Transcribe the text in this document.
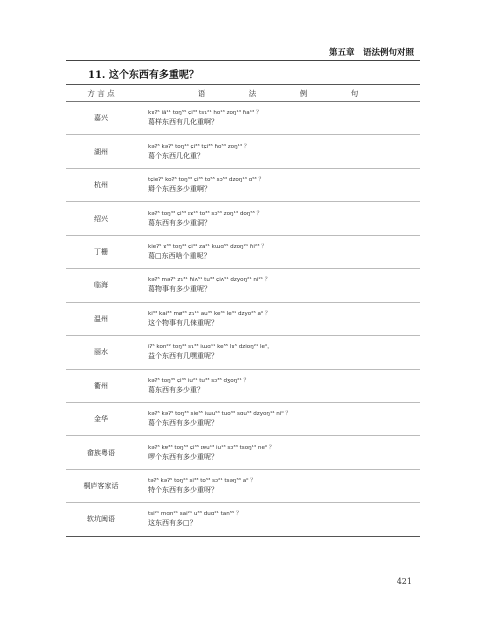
第五章　语法例句对照
11. 这个东西有多重呢？
方 言 点	语　法　例　句
嘉兴	kɤʔ⁵ iã¹¹ toŋ⁵⁵ ɕi³³ tsɿ²¹ ho¹³ zoŋ¹³ ɦa¹³ ？
葛样东西有几化重啊？

湖州	kəʔ⁵ kəʔ⁵ toŋ⁴⁴ ɕi³³ tɕi³⁵ ɦo⁵³ zoŋ¹³ ？
葛个东西几化重？

杭州	tɕieʔ⁵ koʔ⁵ toŋ³³ ɕi³⁵ to⁵⁵ sɔ⁵³ dzoŋ¹³ ɑ⁵³ ？
搿个东西多少重啊？

绍兴	kəʔ⁵ toŋ³³ ɕi⁵³ ɪɤ¹³ to³³ sɔ⁵³ zoŋ¹³ doŋ⁵⁵ ？
葛东西有多少重洞？

丁栅	kieʔ⁵ ɤ³³ toŋ⁴⁴ ɕi⁴⁴ za²¹ kɯɑ⁵⁵ dzoŋ²¹ ɦi²³ ？
葛□东西啥个重呢？

临海	kəʔ⁵ məʔ⁵ zɿ³¹ ɦiʌ⁵¹ tu³³ ɕiʌ⁵¹ dzyoŋ²¹ ni²¹ ？
葛物事有多少重呢？

温州	ki³³ kai³³ mø²³ zɿ¹¹ au³⁵ ke³¹ le³¹ dzyo²⁵ a⁰ ？
这个物事有几俫重呢？

丽水	iʔ⁵ kon²² toŋ⁴⁴ sɿ³³ iɯɑ¹¹ ke⁵⁵ lɤ⁵ dzioŋ²¹ le⁰，
益个东西有几嘿重呢？

衢州	kəʔ⁵ toŋ³⁵ ɕi³⁵ iu²¹ tu³³ sɔ³⁵ dʒoŋ²¹ ？
葛东西有多少重？

金华	kəʔ⁵ kəʔ⁵ toŋ³³ sie⁵⁵ iɯu⁵³ tuo³³ sɑu⁵³ dzyoŋ¹⁴ ni⁰ ？
葛个东西有多少重呢？

畲族粤语	kəʔ⁵ kɐ³³ toŋ⁵³ ɕi³⁵ ɪɐu¹³ iu¹³ sɔ³³ tsoŋ¹³ ne⁰ ？
啰个东西有多少重呢？

桐庐客家话	təʔ⁵ kəʔ⁵ toŋ²⁴ si³³ to⁵³ sɔ²¹ tsəŋ⁵³ a⁰ ？
特个东西有多少重呀？

软坑闽语	tsi²¹ mɑn²¹ sai²¹ u³³ duɑ²¹ tan⁵⁵ ？
这东西有多□？
421
